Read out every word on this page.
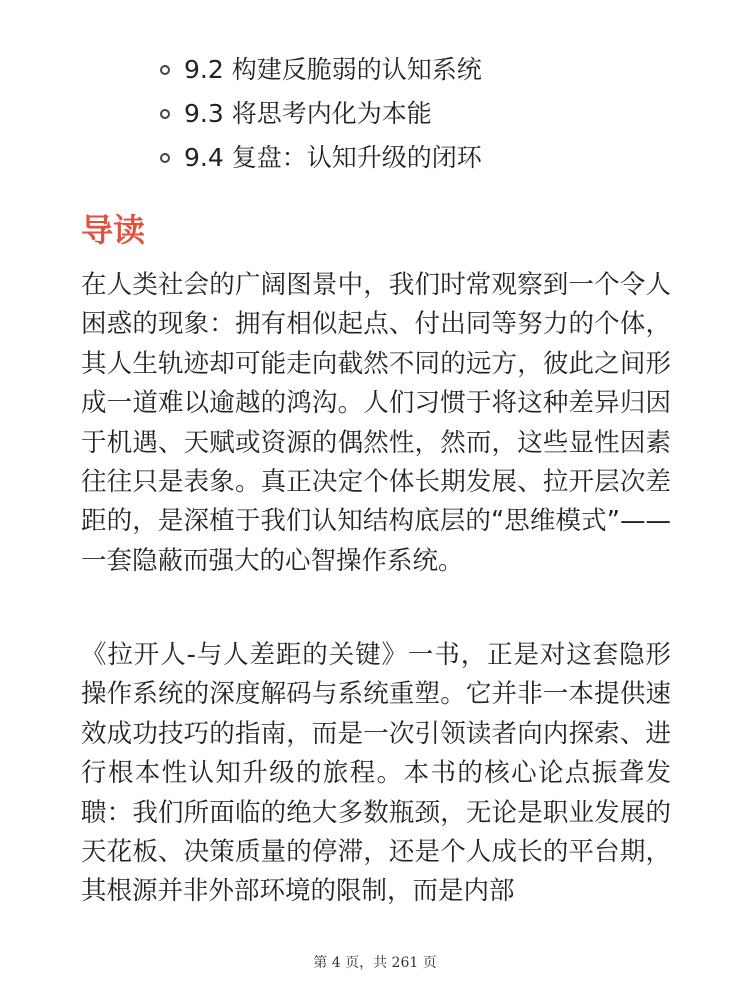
9.2 构建反脆弱的认知系统
9.3 将思考内化为本能
9.4 复盘：认知升级的闭环
导读

在人类社会的广阔图景中，我们时常观察到一个令人困惑的现象：拥有相似起点、付出同等努力的个体，其人生轨迹却可能走向截然不同的远方，彼此之间形成一道难以逾越的鸿沟。人们习惯于将这种差异归因于机遇、天赋或资源的偶然性，然而，这些显性因素往往只是表象。真正决定个体长期发展、拉开层次差距的，是深植于我们认知结构底层的“思维模式”——一套隐蔽而强大的心智操作系统。

《拉开人-与人差距的关键》一书，正是对这套隐形操作系统的深度解码与系统重塑。它并非一本提供速效成功技巧的指南，而是一次引领读者向内探索、进行根本性认知升级的旅程。本书的核心论点振聋发聩：我们所面临的绝大多数瓶颈，无论是职业发展的天花板、决策质量的停滞，还是个人成长的平台期，其根源并非外部环境的限制，而是内部

第 4 页，共 261 页
